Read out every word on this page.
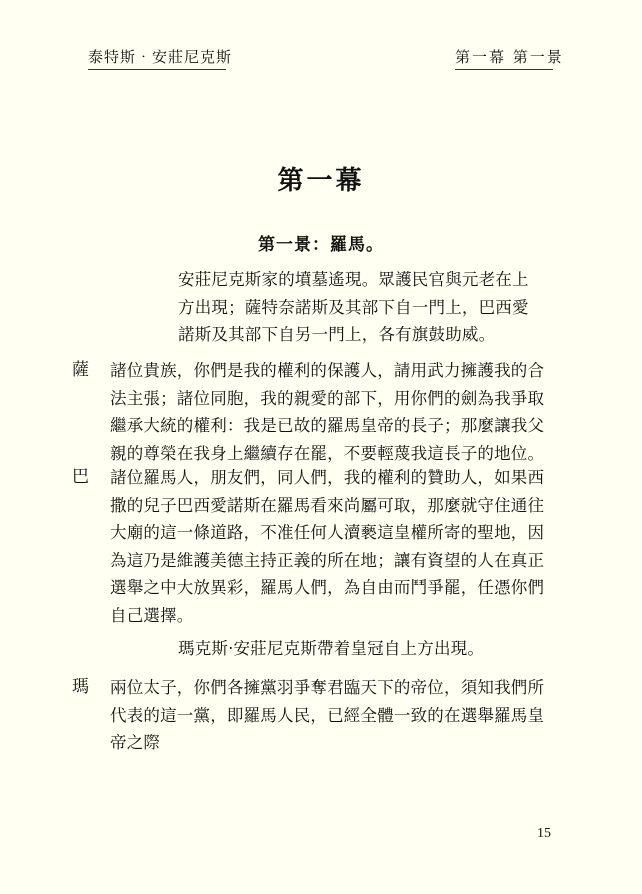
泰特斯‧安莊尼克斯	第一幕 第一景
第一幕
第一景：羅馬。
安莊尼克斯家的墳墓遙現。眾護民官與元老在上
方出現；薩特奈諾斯及其部下自一門上，巴西愛
諾斯及其部下自另一門上，各有旗鼓助威。
薩 諸位貴族，你們是我的權利的保護人，請用武力擁護我的合
法主張；諸位同胞，我的親愛的部下，用你們的劍為我爭取
繼承大統的權利：我是已故的羅馬皇帝的長子；那麼讓我父
親的尊榮在我身上繼續存在罷，不要輕蔑我這長子的地位。
巴 諸位羅馬人，朋友們，同人們，我的權利的贊助人，如果西
撒的兒子巴西愛諾斯在羅馬看來尚屬可取，那麼就守住通往
大廟的這一條道路，不准任何人瀆褻這皇權所寄的聖地，因
為這乃是維護美德主持正義的所在地；讓有資望的人在真正
選舉之中大放異彩，羅馬人們，為自由而鬥爭罷，任憑你們
自己選擇。
瑪克斯‧安莊尼克斯帶着皇冠自上方出現。
瑪 兩位太子，你們各擁黨羽爭奪君臨天下的帝位，須知我們所
代表的這一黨，即羅馬人民，已經全體一致的在選舉羅馬皇
帝之際
15
